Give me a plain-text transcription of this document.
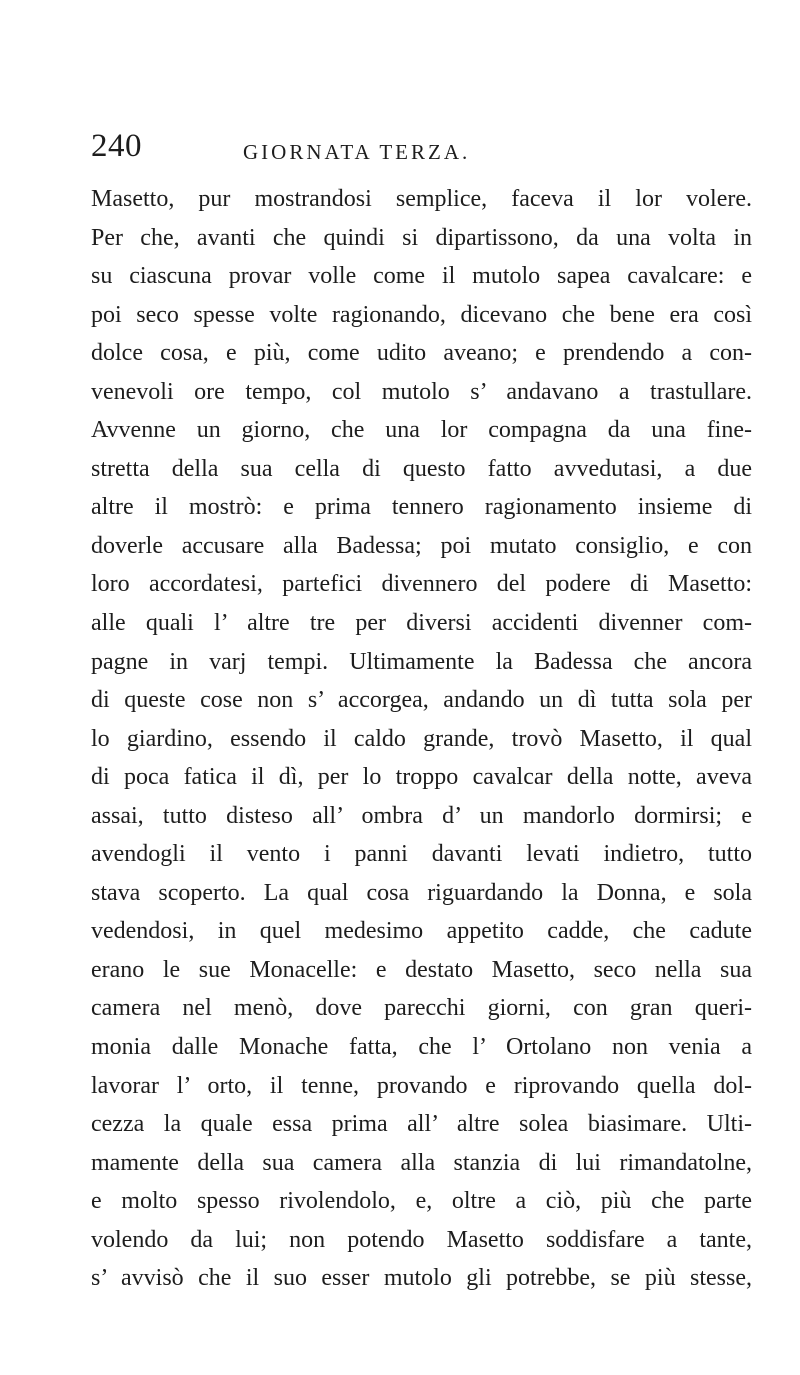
240	GIORNATA TERZA.
Masetto, pur mostrandosi semplice, faceva il lor volere.
Per che, avanti che quindi si dipartissono, da una volta in
su ciascuna provar volle come il mutolo sapea cavalcare: e
poi seco spesse volte ragionando, dicevano che bene era così
dolce cosa, e più, come udito aveano; e prendendo a con-
venevoli ore tempo, col mutolo s’ andavano a trastullare.
Avvenne un giorno, che una lor compagna da una fine-
stretta della sua cella di questo fatto avvedutasi, a due
altre il mostrò: e prima tennero ragionamento insieme di
doverle accusare alla Badessa; poi mutato consiglio, e con
loro accordatesi, partefici divennero del podere di Masetto:
alle quali l’ altre tre per diversi accidenti divenner com-
pagne in varj tempi. Ultimamente la Badessa che ancora
di queste cose non s’ accorgea, andando un dì tutta sola per
lo giardino, essendo il caldo grande, trovò Masetto, il qual
di poca fatica il dì, per lo troppo cavalcar della notte, aveva
assai, tutto disteso all’ ombra d’ un mandorlo dormirsi; e
avendogli il vento i panni davanti levati indietro, tutto
stava scoperto. La qual cosa riguardando la Donna, e sola
vedendosi, in quel medesimo appetito cadde, che cadute
erano le sue Monacelle: e destato Masetto, seco nella sua
camera nel menò, dove parecchi giorni, con gran queri-
monia dalle Monache fatta, che l’ Ortolano non venia a
lavorar l’ orto, il tenne, provando e riprovando quella dol-
cezza la quale essa prima all’ altre solea biasimare. Ulti-
mamente della sua camera alla stanzia di lui rimandatolne,
e molto spesso rivolendolo, e, oltre a ciò, più che parte
volendo da lui; non potendo Masetto soddisfare a tante,
s’ avvisò che il suo esser mutolo gli potrebbe, se più stesse,
